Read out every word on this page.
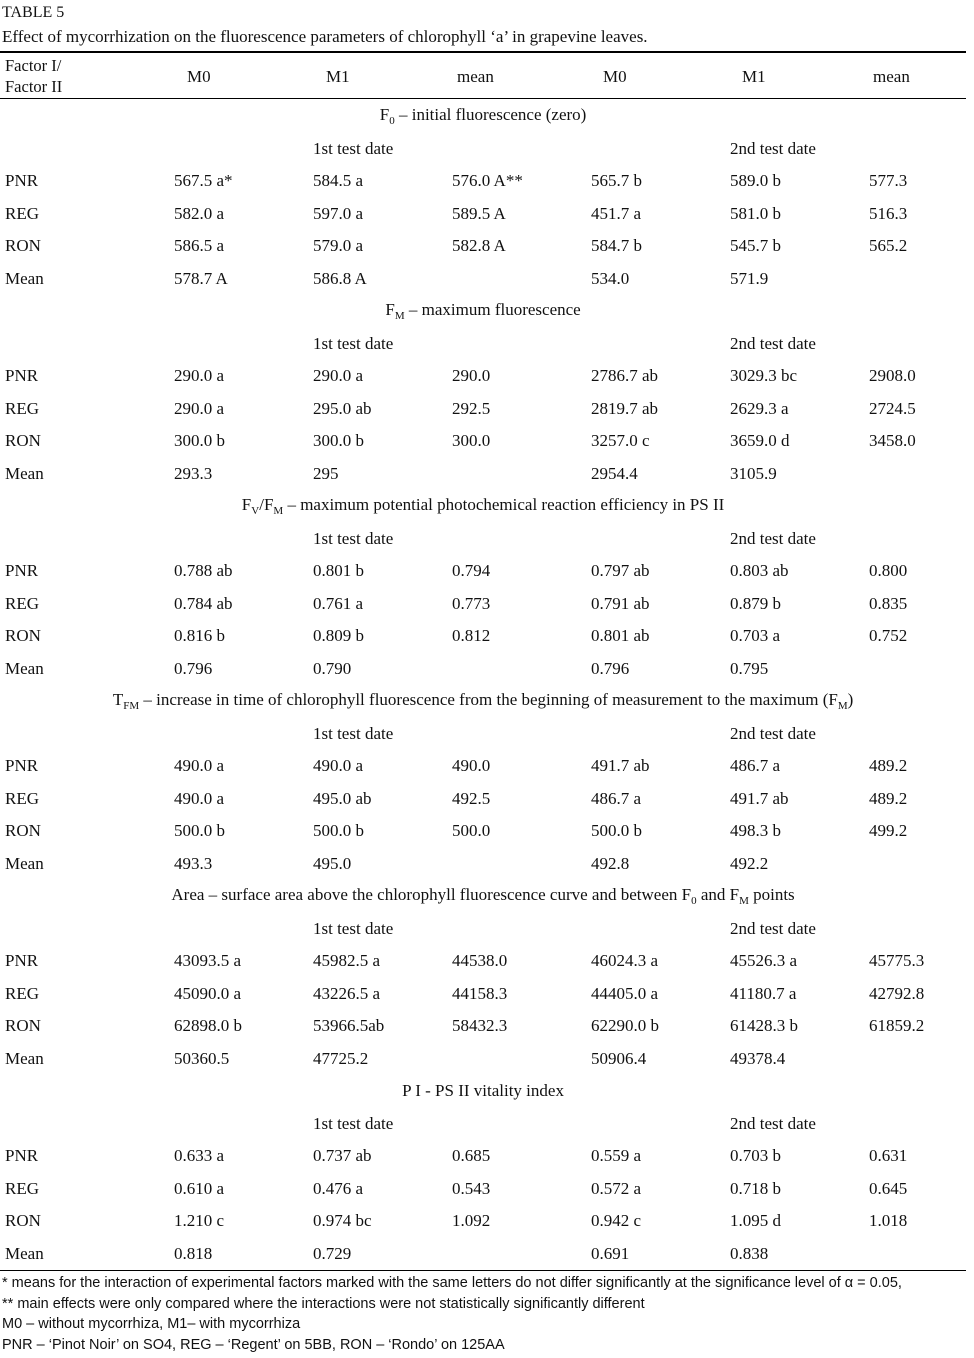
TABLE 5
Effect of mycorrhization on the fluorescence parameters of chlorophyll ‘a’ in grapevine leaves.
Factor I/
Factor II
M0	M1	mean	M0	M1	mean
$F_0$ – initial fluorescence (zero)						
		1st test date			2nd test date	
PNR	567.5 a*	584.5 a	576.0 A**	565.7 b	589.0 b	577.3
REG	582.0 a	597.0 a	589.5 A	451.7 a	581.0 b	516.3
RON	586.5 a	579.0 a	582.8 A	584.7 b	545.7 b	565.2
Mean	578.7 A	586.8 A		534.0	571.9	
$F_M$ – maximum fluorescence						
		1st test date			2nd test date	
PNR	290.0 a	290.0 a	290.0	2786.7 ab	3029.3 bc	2908.0
REG	290.0 a	295.0 ab	292.5	2819.7 ab	2629.3 a	2724.5
RON	300.0 b	300.0 b	300.0	3257.0 c	3659.0 d	3458.0
Mean	293.3	295		2954.4	3105.9	
$F_V/F_M$ – maximum potential photochemical reaction efficiency in PS II						
		1st test date			2nd test date	
PNR	0.788 ab	0.801 b	0.794	0.797 ab	0.803 ab	0.800
REG	0.784 ab	0.761 a	0.773	0.791 ab	0.879 b	0.835
RON	0.816 b	0.809 b	0.812	0.801 ab	0.703 a	0.752
Mean	0.796	0.790		0.796	0.795	
$T_{FM}$ – increase in time of chlorophyll fluorescence from the beginning of measurement to the maximum $(F_M)$						
		1st test date			2nd test date	
PNR	490.0 a	490.0 a	490.0	491.7 ab	486.7 a	489.2
REG	490.0 a	495.0 ab	492.5	486.7 a	491.7 ab	489.2
RON	500.0 b	500.0 b	500.0	500.0 b	498.3 b	499.2
Mean	493.3	495.0		492.8	492.2	
Area – surface area above the chlorophyll fluorescence curve and between $F_0$ and $F_M$ points						
		1st test date			2nd test date	
PNR	43093.5 a	45982.5 a	44538.0	46024.3 a	45526.3 a	45775.3
REG	45090.0 a	43226.5 a	44158.3	44405.0 a	41180.7 a	42792.8
RON	62898.0 b	53966.5ab	58432.3	62290.0 b	61428.3 b	61859.2
Mean	50360.5	47725.2		50906.4	49378.4	
P I - PS II vitality index						
		1st test date			2nd test date	
PNR	0.633 a	0.737 ab	0.685	0.559 a	0.703 b	0.631
REG	0.610 a	0.476 a	0.543	0.572 a	0.718 b	0.645
RON	1.210 c	0.974 bc	1.092	0.942 c	1.095 d	1.018
Mean	0.818	0.729		0.691	0.838	
* means for the interaction of experimental factors marked with the same letters do not differ significantly at the significance level of α = 0.05,
** main effects were only compared where the interactions were not statistically significantly different
M0 – without mycorrhiza, M1– with mycorrhiza
PNR – ‘Pinot Noir’ on SO4, REG – ‘Regent’ on 5BB, RON – ‘Rondo’ on 125AA
